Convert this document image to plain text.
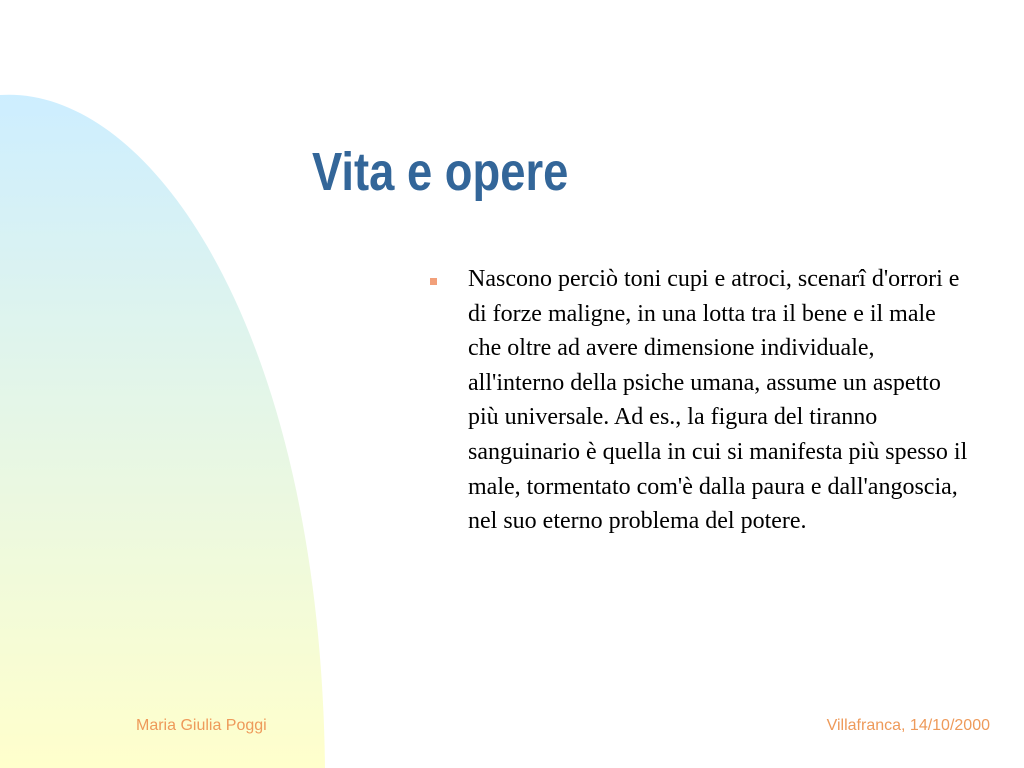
Vita e opere
Nascono perciò toni cupi e atroci, scenarî d'orrori e di forze maligne, in una lotta tra il bene e il male che oltre ad avere dimensione individuale, all'interno della psiche umana, assume un aspetto più universale. Ad es., la figura del tiranno sanguinario è quella in cui si manifesta più spesso il male, tormentato com'è dalla paura e dall'angoscia, nel suo eterno problema del potere.
Maria Giulia Poggi	Villafranca, 14/10/2000
